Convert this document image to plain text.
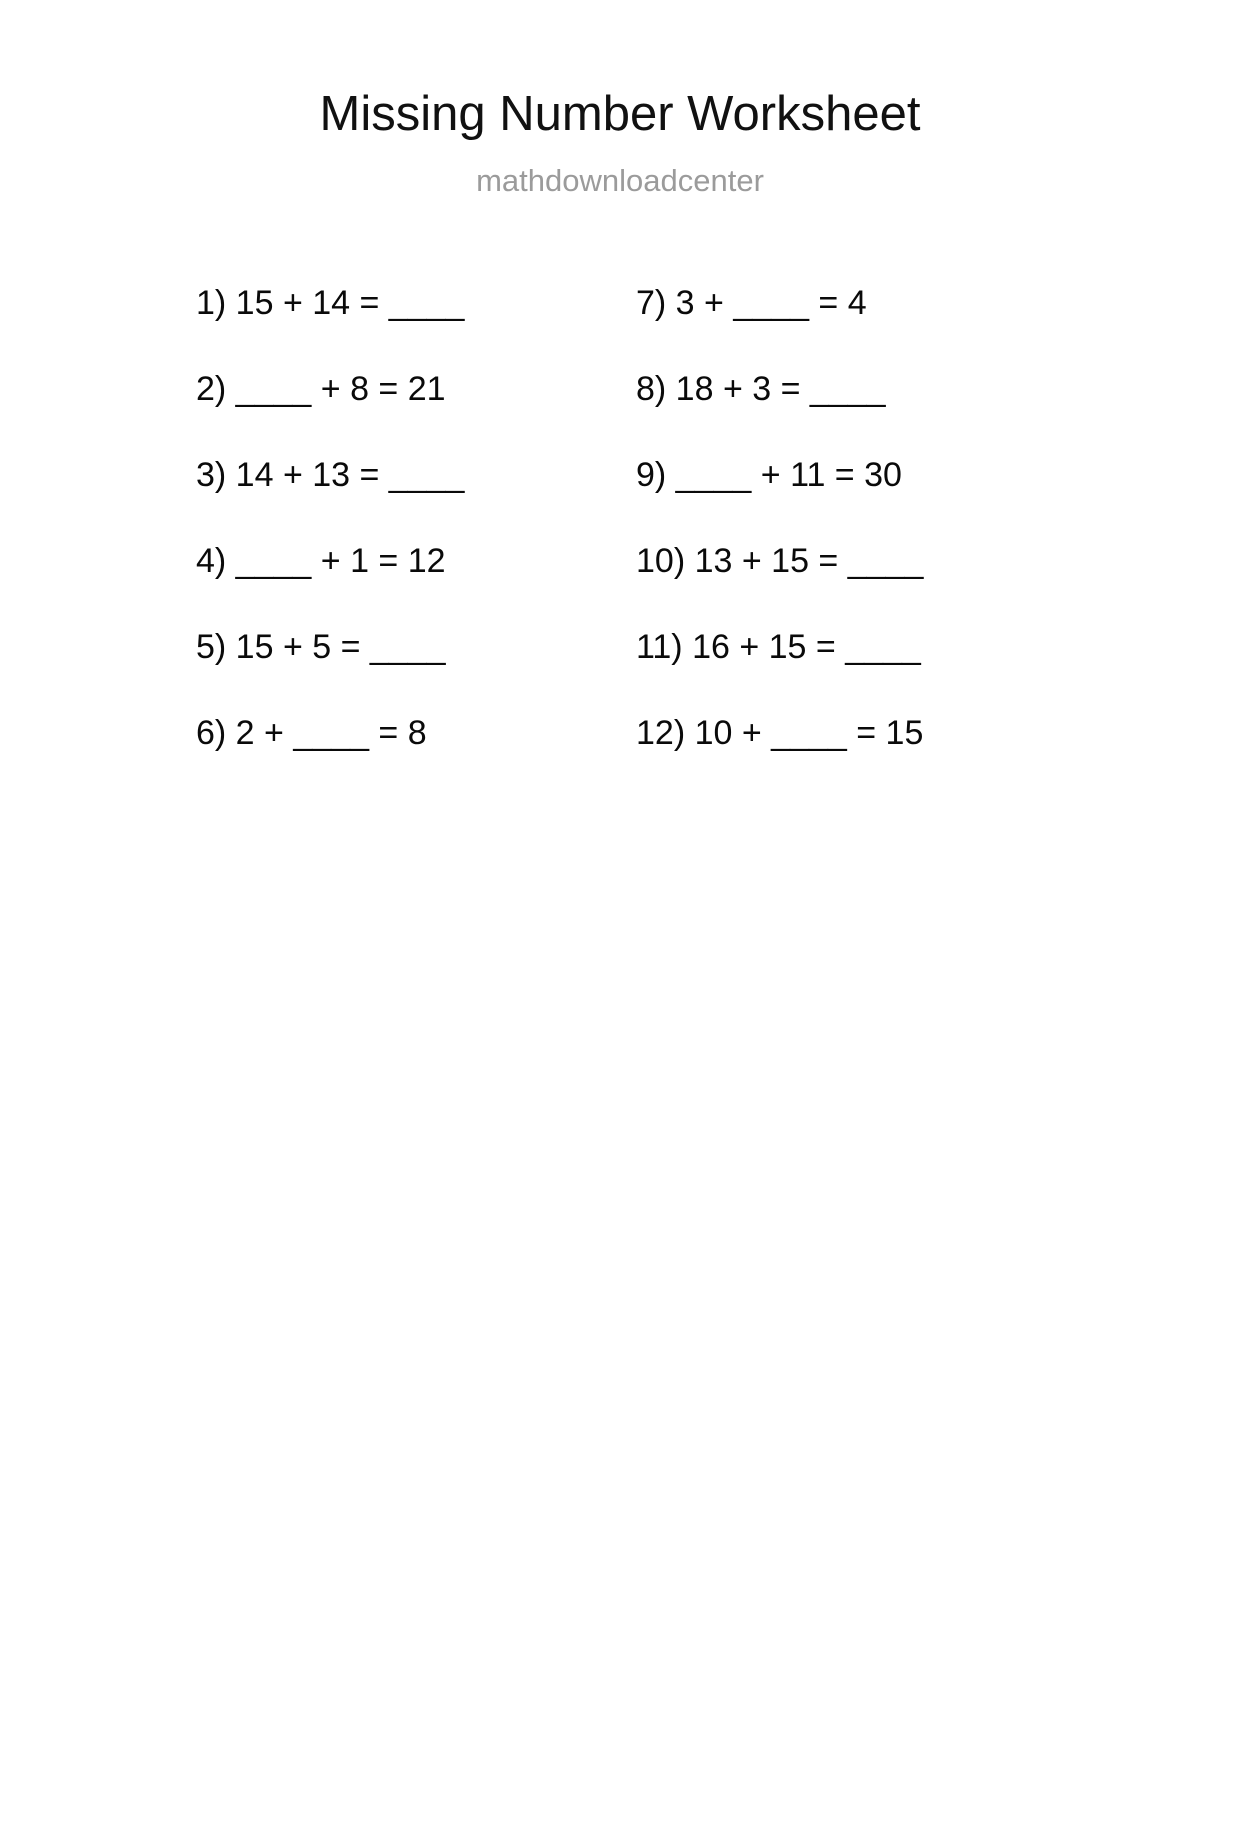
Missing Number Worksheet
mathdownloadcenter
1) 15 + 14 = ____
2) ____ + 8 = 21
3) 14 + 13 = ____
4) ____ + 1 = 12
5) 15 + 5 = ____
6) 2 + ____ = 8
7) 3 + ____ = 4
8) 18 + 3 = ____
9) ____ + 11 = 30
10) 13 + 15 = ____
11) 16 + 15 = ____
12) 10 + ____ = 15
